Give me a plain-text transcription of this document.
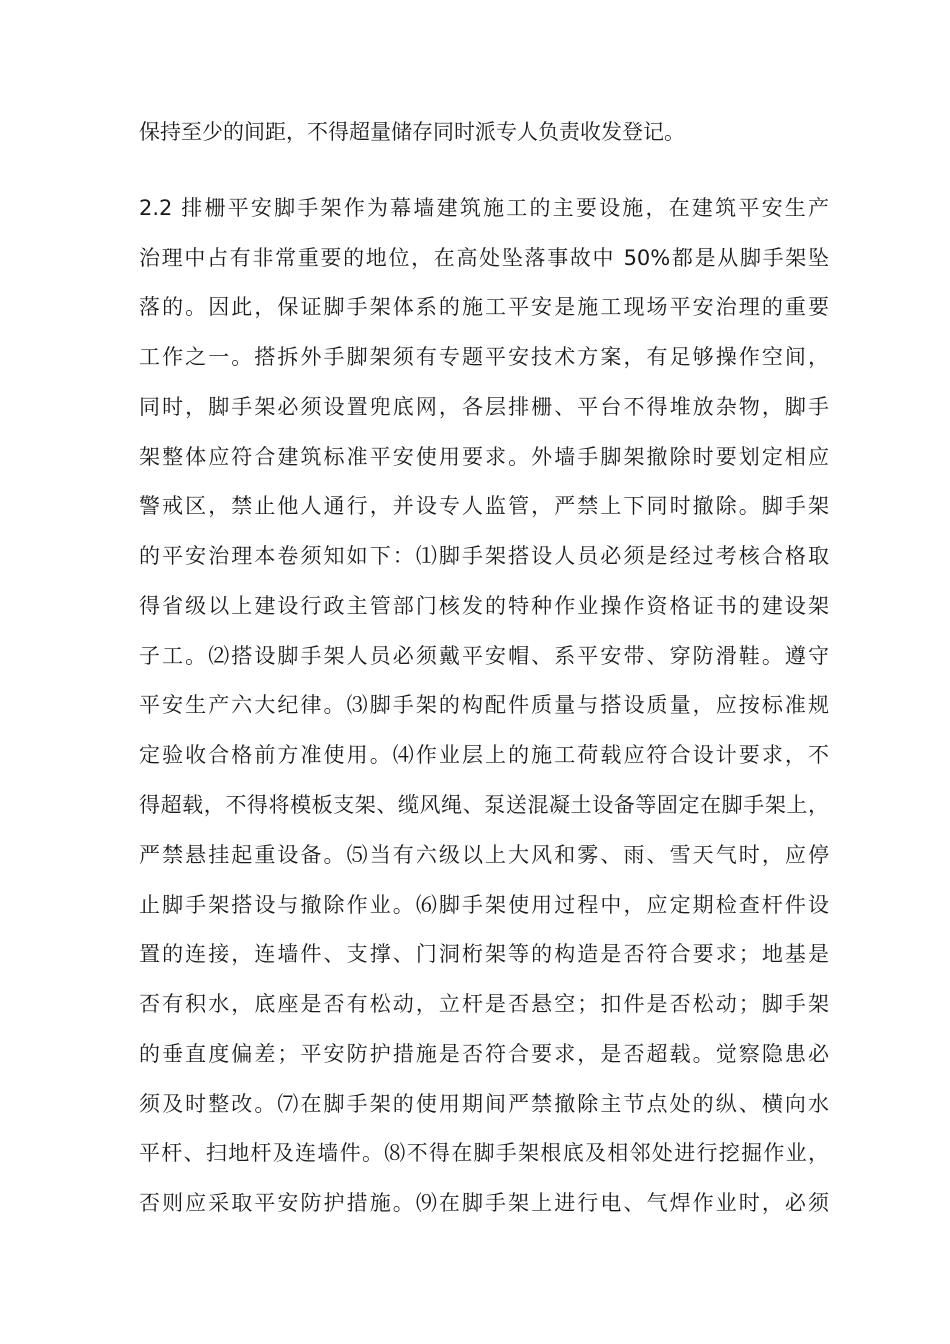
保持至少的间距，不得超量储存同时派专人负责收发登记。
2.2 排栅平安脚手架作为幕墙建筑施工的主要设施，在建筑平安生产
治理中占有非常重要的地位，在高处坠落事故中 50%都是从脚手架坠
落的。因此，保证脚手架体系的施工平安是施工现场平安治理的重要
工作之一。搭拆外手脚架须有专题平安技术方案，有足够操作空间，
同时，脚手架必须设置兜底网，各层排栅、平台不得堆放杂物，脚手
架整体应符合建筑标准平安使用要求。外墙手脚架撤除时要划定相应
警戒区，禁止他人通行，并设专人监管，严禁上下同时撤除。脚手架
的平安治理本卷须知如下：⑴脚手架搭设人员必须是经过考核合格取
得省级以上建设行政主管部门核发的特种作业操作资格证书的建设架
子工。⑵搭设脚手架人员必须戴平安帽、系平安带、穿防滑鞋。遵守
平安生产六大纪律。⑶脚手架的构配件质量与搭设质量，应按标准规
定验收合格前方准使用。⑷作业层上的施工荷载应符合设计要求，不
得超载，不得将模板支架、缆风绳、泵送混凝土设备等固定在脚手架上，
严禁悬挂起重设备。⑸当有六级以上大风和雾、雨、雪天气时，应停
止脚手架搭设与撤除作业。⑹脚手架使用过程中，应定期检查杆件设
置的连接，连墙件、支撑、门洞桁架等的构造是否符合要求；地基是
否有积水，底座是否有松动，立杆是否悬空；扣件是否松动；脚手架
的垂直度偏差；平安防护措施是否符合要求，是否超载。觉察隐患必
须及时整改。⑺在脚手架的使用期间严禁撤除主节点处的纵、横向水
平杆、扫地杆及连墙件。⑻不得在脚手架根底及相邻处进行挖掘作业，
否则应采取平安防护措施。⑼在脚手架上进行电、气焊作业时，必须
